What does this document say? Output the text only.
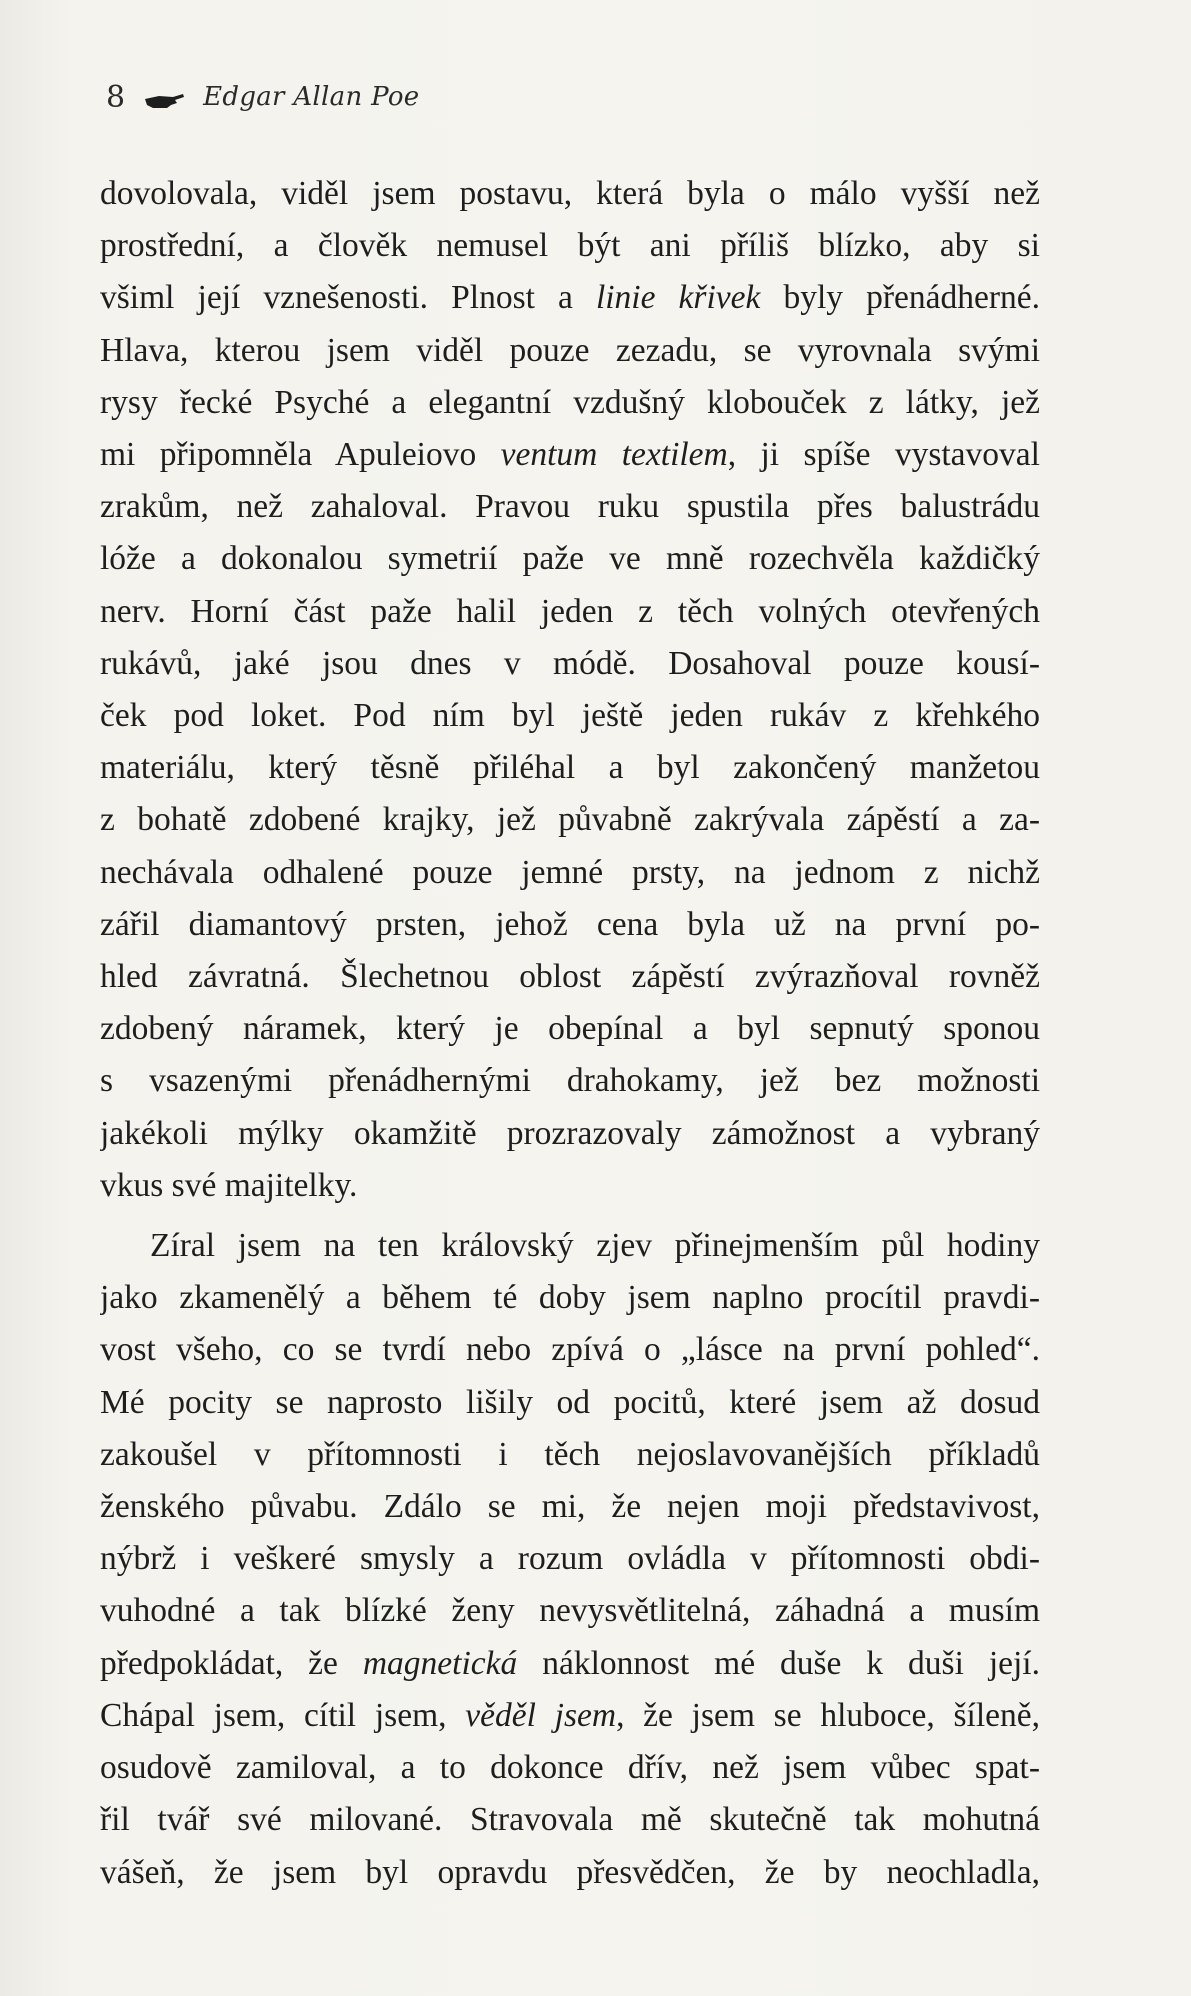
8	Edgar Allan Poe
dovolovala, viděl jsem postavu, která byla o málo vyšší než
prostřední, a člověk nemusel být ani příliš blízko, aby si
všiml její vznešenosti. Plnost a linie křivek byly přenádherné.
Hlava, kterou jsem viděl pouze zezadu, se vyrovnala svými
rysy řecké Psyché a elegantní vzdušný klobouček z látky, jež
mi připomněla Apuleiovo ventum textilem, ji spíše vystavoval
zrakům, než zahaloval. Pravou ruku spustila přes balustrádu
lóže a dokonalou symetrií paže ve mně rozechvěla každičký
nerv. Horní část paže halil jeden z těch volných otevřených
rukávů, jaké jsou dnes v módě. Dosahoval pouze kousí-
ček pod loket. Pod ním byl ještě jeden rukáv z křehkého
materiálu, který těsně přiléhal a byl zakončený manžetou
z bohatě zdobené krajky, jež půvabně zakrývala zápěstí a za-
nechávala odhalené pouze jemné prsty, na jednom z nichž
zářil diamantový prsten, jehož cena byla už na první po-
hled závratná. Šlechetnou oblost zápěstí zvýrazňoval rovněž
zdobený náramek, který je obepínal a byl sepnutý sponou
s vsazenými přenádhernými drahokamy, jež bez možnosti
jakékoli mýlky okamžitě prozrazovaly zámožnost a vybraný
vkus své majitelky.
Zíral jsem na ten královský zjev přinejmenším půl hodiny
jako zkamenělý a během té doby jsem naplno procítil pravdi-
vost všeho, co se tvrdí nebo zpívá o „lásce na první pohled“.
Mé pocity se naprosto lišily od pocitů, které jsem až dosud
zakoušel v přítomnosti i těch nejoslavovanějších příkladů
ženského půvabu. Zdálo se mi, že nejen moji představivost,
nýbrž i veškeré smysly a rozum ovládla v přítomnosti obdi-
vuhodné a tak blízké ženy nevysvětlitelná, záhadná a musím
předpokládat, že magnetická náklonnost mé duše k duši její.
Chápal jsem, cítil jsem, věděl jsem, že jsem se hluboce, šíleně,
osudově zamiloval, a to dokonce dřív, než jsem vůbec spat-
řil tvář své milované. Stravovala mě skutečně tak mohutná
vášeň, že jsem byl opravdu přesvědčen, že by neochladla,
